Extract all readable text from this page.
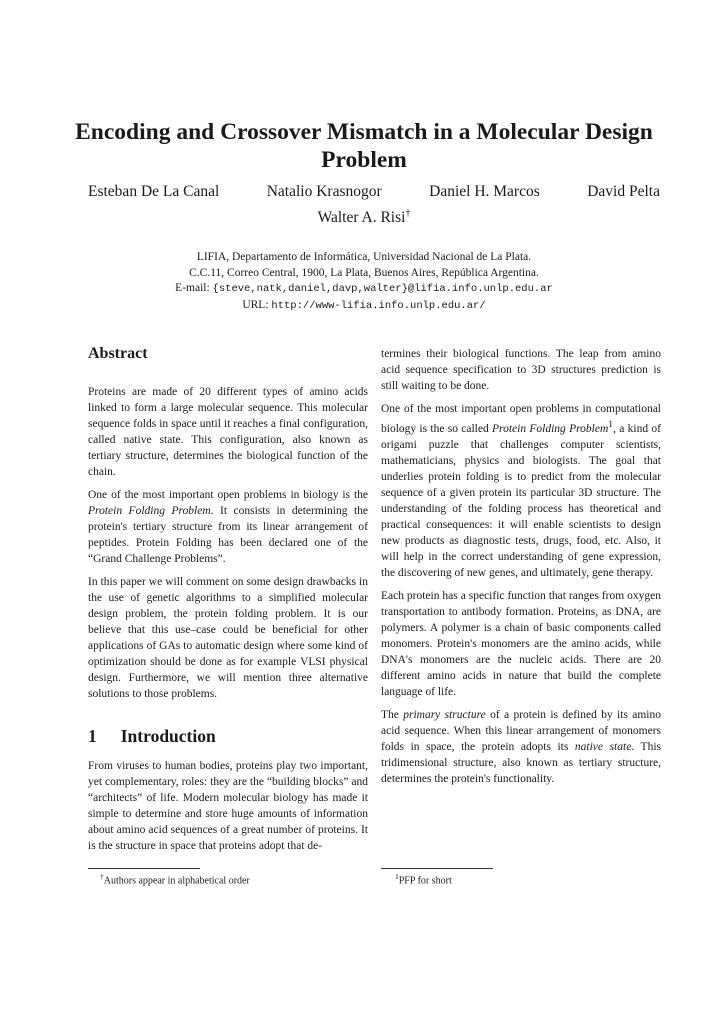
Encoding and Crossover Mismatch in a Molecular Design Problem
Esteban De La Canal	Natalio Krasnogor	Daniel H. Marcos	David Pelta
Walter A. Risi†
LIFIA, Departamento de Informática, Universidad Nacional de La Plata.
C.C.11, Correo Central, 1900, La Plata, Buenos Aires, República Argentina.
E-mail: {steve,natk,daniel,davp,walter}@lifia.info.unlp.edu.ar
URL: http://www-lifia.info.unlp.edu.ar/
Abstract

Proteins are made of 20 different types of amino acids linked to form a large molecular sequence. This molecular sequence folds in space until it reaches a final configuration, called native state. This configuration, also known as tertiary structure, determines the biological function of the chain.

One of the most important open problems in biology is the Protein Folding Problem. It consists in determining the protein's tertiary structure from its linear arrangement of peptides. Protein Folding has been declared one of the “Grand Challenge Problems”.

In this paper we will comment on some design drawbacks in the use of genetic algorithms to a simplified molecular design problem, the protein folding problem. It is our believe that this use–case could be beneficial for other applications of GAs to automatic design where some kind of optimization should be done as for example VLSI physical design. Furthermore, we will mention three alternative solutions to those problems.

1 Introduction

From viruses to human bodies, proteins play two important, yet complementary, roles: they are the “building blocks” and “architects” of life. Modern molecular biology has made it simple to determine and store huge amounts of information about amino acid sequences of a great number of proteins. It is the structure in space that proteins adopt that de-

termines their biological functions. The leap from amino acid sequence specification to 3D structures prediction is still waiting to be done.

One of the most important open problems in computational biology is the so called Protein Folding Problem$^1$, a kind of origami puzzle that challenges computer scientists, mathematicians, physics and biologists. The goal that underlies protein folding is to predict from the molecular sequence of a given protein its particular 3D structure. The understanding of the folding process has theoretical and practical consequences: it will enable scientists to design new products as diagnostic tests, drugs, food, etc. Also, it will help in the correct understanding of gene expression, the discovering of new genes, and ultimately, gene therapy.

Each protein has a specific function that ranges from oxygen transportation to antibody formation. Proteins, as DNA, are polymers. A polymer is a chain of basic components called monomers. Protein's monomers are the amino acids, while DNA's monomers are the nucleic acids. There are 20 different amino acids in nature that build the complete language of life.

The primary structure of a protein is defined by its amino acid sequence. When this linear arrangement of monomers folds in space, the protein adopts its native state. This tridimensional structure, also known as tertiary structure, determines the protein's functionality.

†Authors appear in alphabetical order	$^1$PFP for short
